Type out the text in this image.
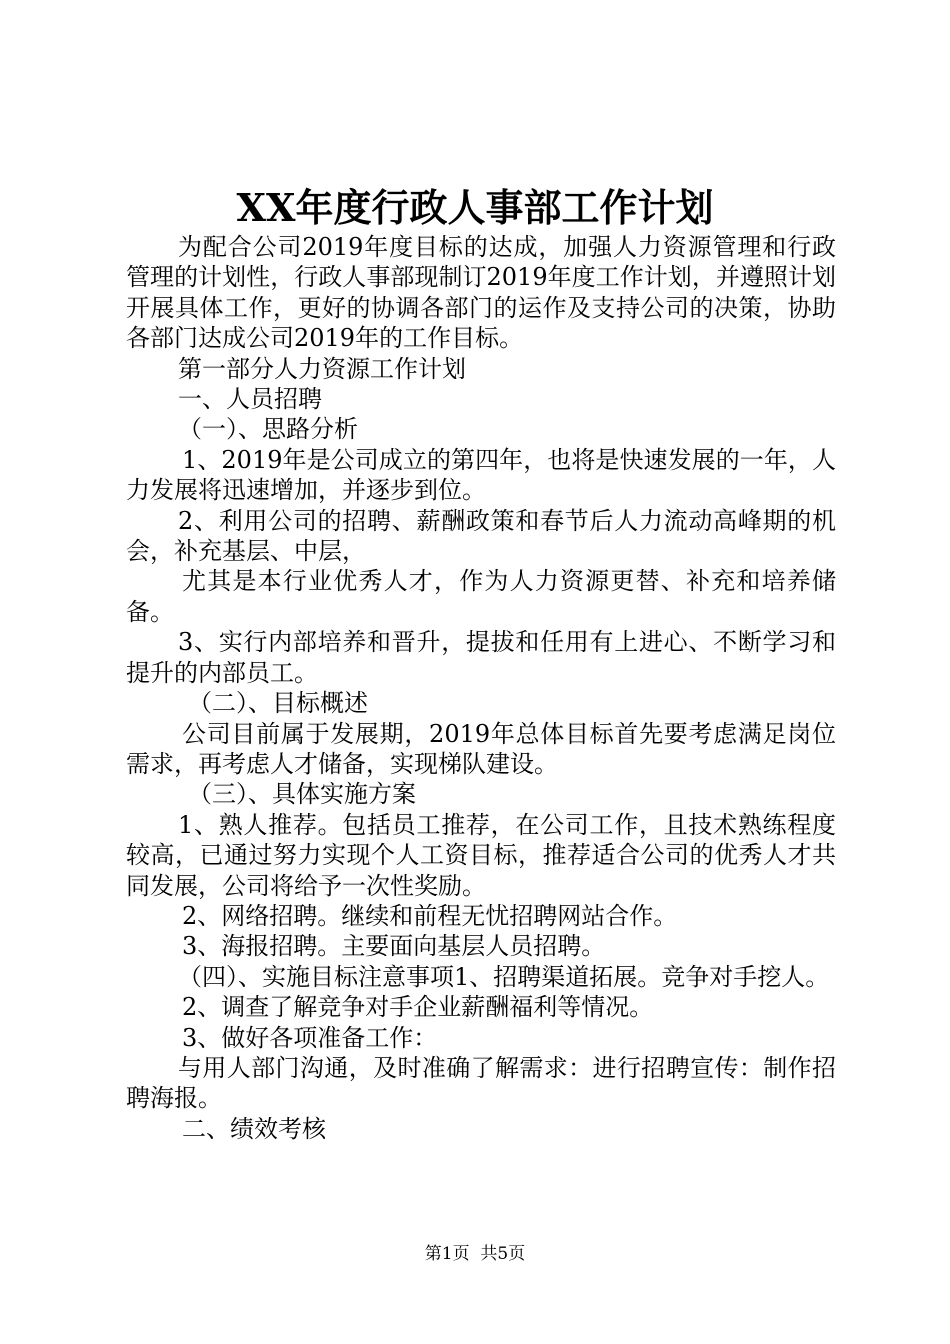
XX年度行政人事部工作计划

为配合公司2019年度目标的达成，加强人力资源管理和行政管理的计划性，行政人事部现制订2019年度工作计划，并遵照计划开展具体工作，更好的协调各部门的运作及支持公司的决策，协助各部门达成公司2019年的工作目标。

第一部分人力资源工作计划

一、人员招聘

（一）、思路分析

1、2019年是公司成立的第四年，也将是快速发展的一年，人力发展将迅速增加，并逐步到位。

2、利用公司的招聘、薪酬政策和春节后人力流动高峰期的机会，补充基层、中层，

尤其是本行业优秀人才，作为人力资源更替、补充和培养储备。

3、实行内部培养和晋升，提拔和任用有上进心、不断学习和提升的内部员工。

（二）、目标概述

公司目前属于发展期，2019年总体目标首先要考虑满足岗位需求，再考虑人才储备，实现梯队建设。

（三）、具体实施方案

1、熟人推荐。包括员工推荐，在公司工作，且技术熟练程度较高，已通过努力实现个人工资目标，推荐适合公司的优秀人才共同发展，公司将给予一次性奖励。

2、网络招聘。继续和前程无忧招聘网站合作。

3、海报招聘。主要面向基层人员招聘。

（四）、实施目标注意事项1、招聘渠道拓展。竞争对手挖人。

2、调查了解竞争对手企业薪酬福利等情况。

3、做好各项准备工作：

与用人部门沟通，及时准确了解需求：进行招聘宣传：制作招聘海报。

二、绩效考核

第1页  共5页
